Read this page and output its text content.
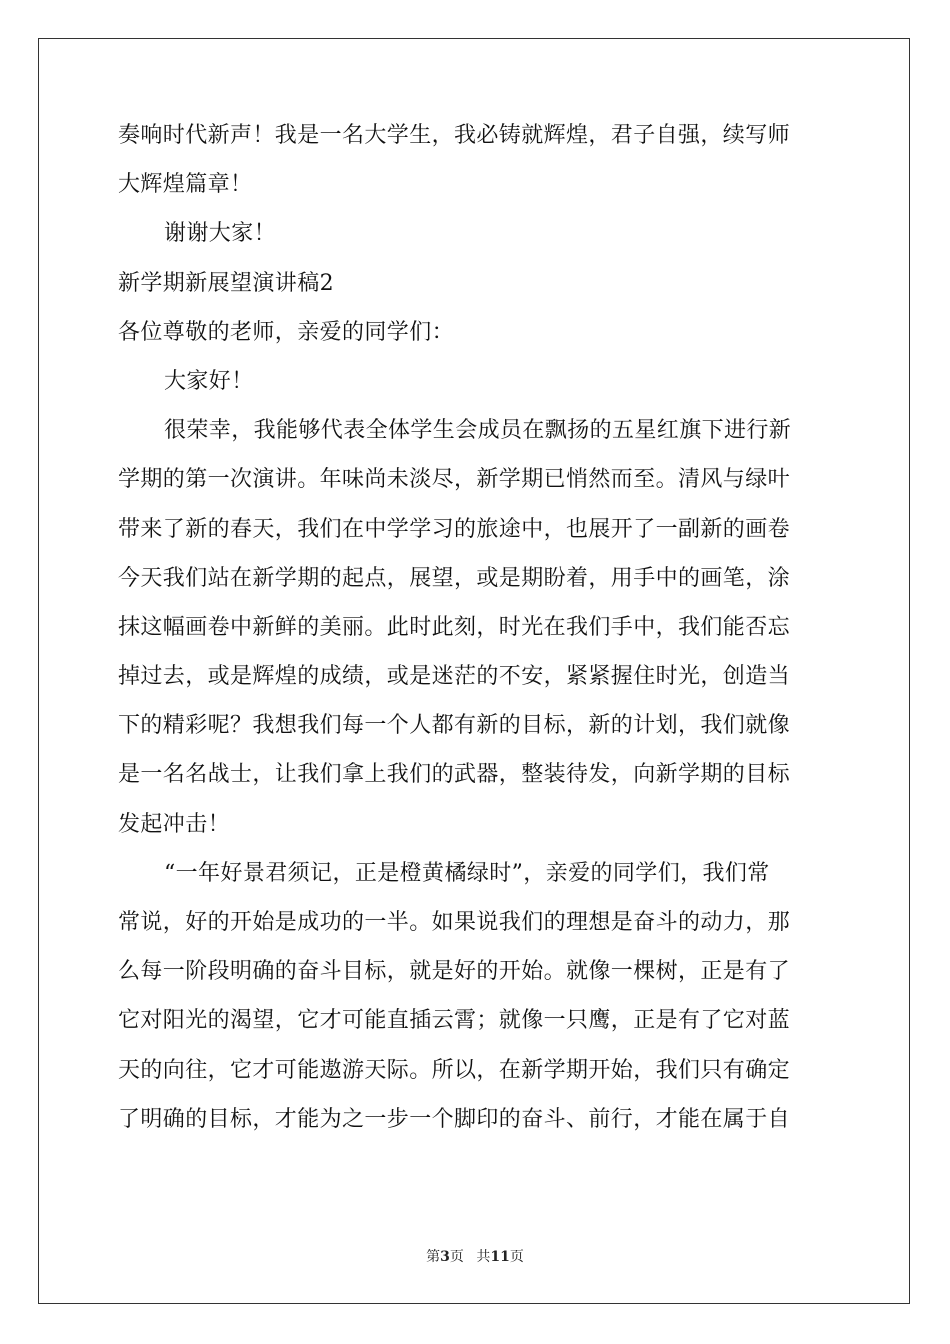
奏响时代新声！我是一名大学生，我必铸就辉煌，君子自强，续写师
大辉煌篇章！
谢谢大家！
新学期新展望演讲稿2
各位尊敬的老师，亲爱的同学们：
大家好！
很荣幸，我能够代表全体学生会成员在飘扬的五星红旗下进行新
学期的第一次演讲。年味尚未淡尽，新学期已悄然而至。清风与绿叶
带来了新的春天，我们在中学学习的旅途中，也展开了一副新的画卷
今天我们站在新学期的起点，展望，或是期盼着，用手中的画笔，涂
抹这幅画卷中新鲜的美丽。此时此刻，时光在我们手中，我们能否忘
掉过去，或是辉煌的成绩，或是迷茫的不安，紧紧握住时光，创造当
下的精彩呢？我想我们每一个人都有新的目标，新的计划，我们就像
是一名名战士，让我们拿上我们的武器，整装待发，向新学期的目标
发起冲击！
“一年好景君须记，正是橙黄橘绿时”，亲爱的同学们，我们常
常说，好的开始是成功的一半。如果说我们的理想是奋斗的动力，那
么每一阶段明确的奋斗目标，就是好的开始。就像一棵树，正是有了
它对阳光的渴望，它才可能直插云霄；就像一只鹰，正是有了它对蓝
天的向往，它才可能遨游天际。所以，在新学期开始，我们只有确定
了明确的目标，才能为之一步一个脚印的奋斗、前行，才能在属于自
第3页 共11页
